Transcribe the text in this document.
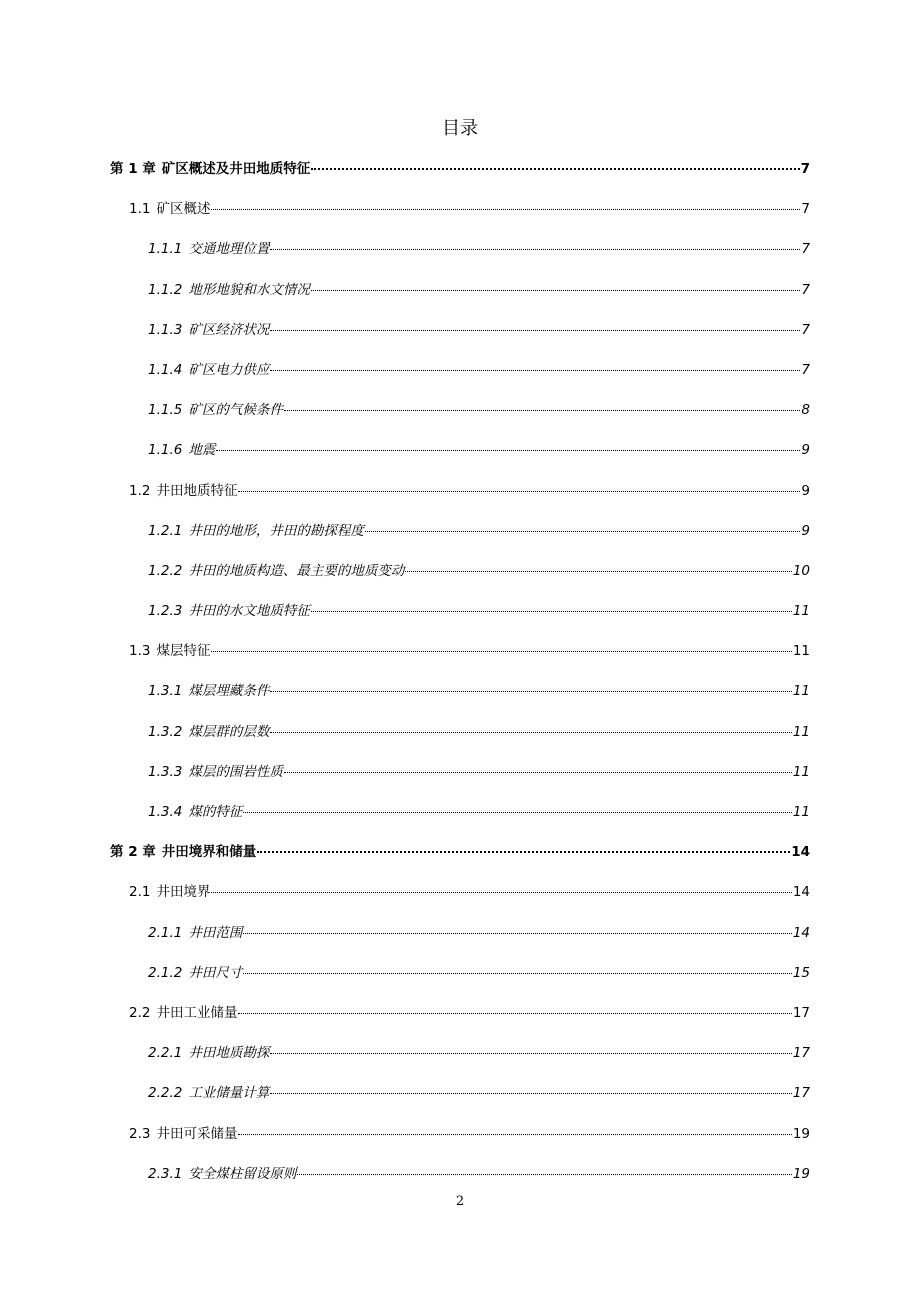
目录
第 1 章 矿区概述及井田地质特征	7
1.1 矿区概述	7
1.1.1 交通地理位置	7
1.1.2 地形地貌和水文情况	7
1.1.3 矿区经济状况	7
1.1.4 矿区电力供应	7
1.1.5 矿区的气候条件	8
1.1.6 地震	9
1.2 井田地质特征	9
1.2.1 井田的地形，井田的勘探程度	9
1.2.2 井田的地质构造、最主要的地质变动	10
1.2.3 井田的水文地质特征	11
1.3 煤层特征	11
1.3.1 煤层埋藏条件	11
1.3.2 煤层群的层数	11
1.3.3 煤层的围岩性质	11
1.3.4 煤的特征	11
第 2 章 井田境界和储量	14
2.1 井田境界	14
2.1.1 井田范围	14
2.1.2 井田尺寸	15
2.2 井田工业储量	17
2.2.1 井田地质勘探	17
2.2.2 工业储量计算	17
2.3 井田可采储量	19
2.3.1 安全煤柱留设原则	19
2
